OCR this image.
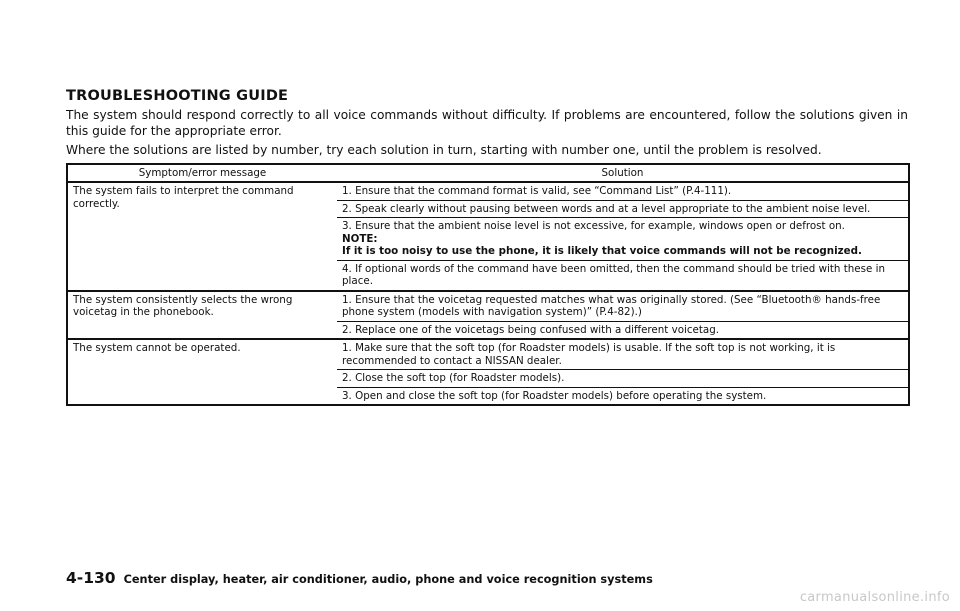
TROUBLESHOOTING GUIDE

The system should respond correctly to all voice commands without difficulty. If problems are encountered, follow the solutions given in this guide for the appropriate error.

Where the solutions are listed by number, try each solution in turn, starting with number one, until the problem is resolved.

Symptom/error message	Solution
The system fails to interpret the command correctly.	1. Ensure that the command format is valid, see “Command List” (P.4-111).
	2. Speak clearly without pausing between words and at a level appropriate to the ambient noise level.
	3. Ensure that the ambient noise level is not excessive, for example, windows open or defrost on.
NOTE:
If it is too noisy to use the phone, it is likely that voice commands will not be recognized.

	4. If optional words of the command have been omitted, then the command should be tried with these in place.
The system consistently selects the wrong voicetag in the phonebook.	1. Ensure that the voicetag requested matches what was originally stored. (See “Bluetooth® hands-free phone system (models with navigation system)” (P.4-82).)
	2. Replace one of the voicetags being confused with a different voicetag.
The system cannot be operated.	1. Make sure that the soft top (for Roadster models) is usable. If the soft top is not working, it is recommended to contact a NISSAN dealer.
	2. Close the soft top (for Roadster models).
	3. Open and close the soft top (for Roadster models) before operating the system.
4-130 Center display, heater, air conditioner, audio, phone and voice recognition systems
carmanualsonline.info
